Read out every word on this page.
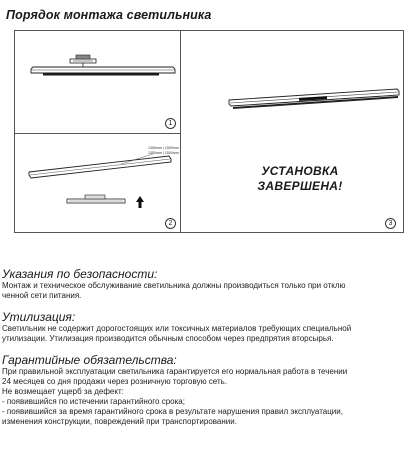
Порядок монтажа светильника
1
1350mm | 1500mm
1350mm | 1500mm
2
УСТАНОВКА
ЗАВЕРШЕНА!
3
Указания по безопасности:
Монтаж и техническое обслуживание светильника должны производиться только при отклю
ченной сети питания.
Утилизация:
Светильник не содержит дорогостоящих или токсичных материалов требующих специальной
утилизации. Утилизация производится обычным способом через предпрятия вторсырья.
Гарантийные обязательства:
При правильной эксплуатации светильника гарантируется его нормальная работа в течении
24 месяцев со дня продажи через розничную торговую сеть.
Не возмещает ущерб за дефект:
- появившийся по истечении гарантийного срока;
- появившийся за время гарантийного срока в результате нарушения правил эксплуатации,
изменения конструкции, повреждений при транспортировании.
